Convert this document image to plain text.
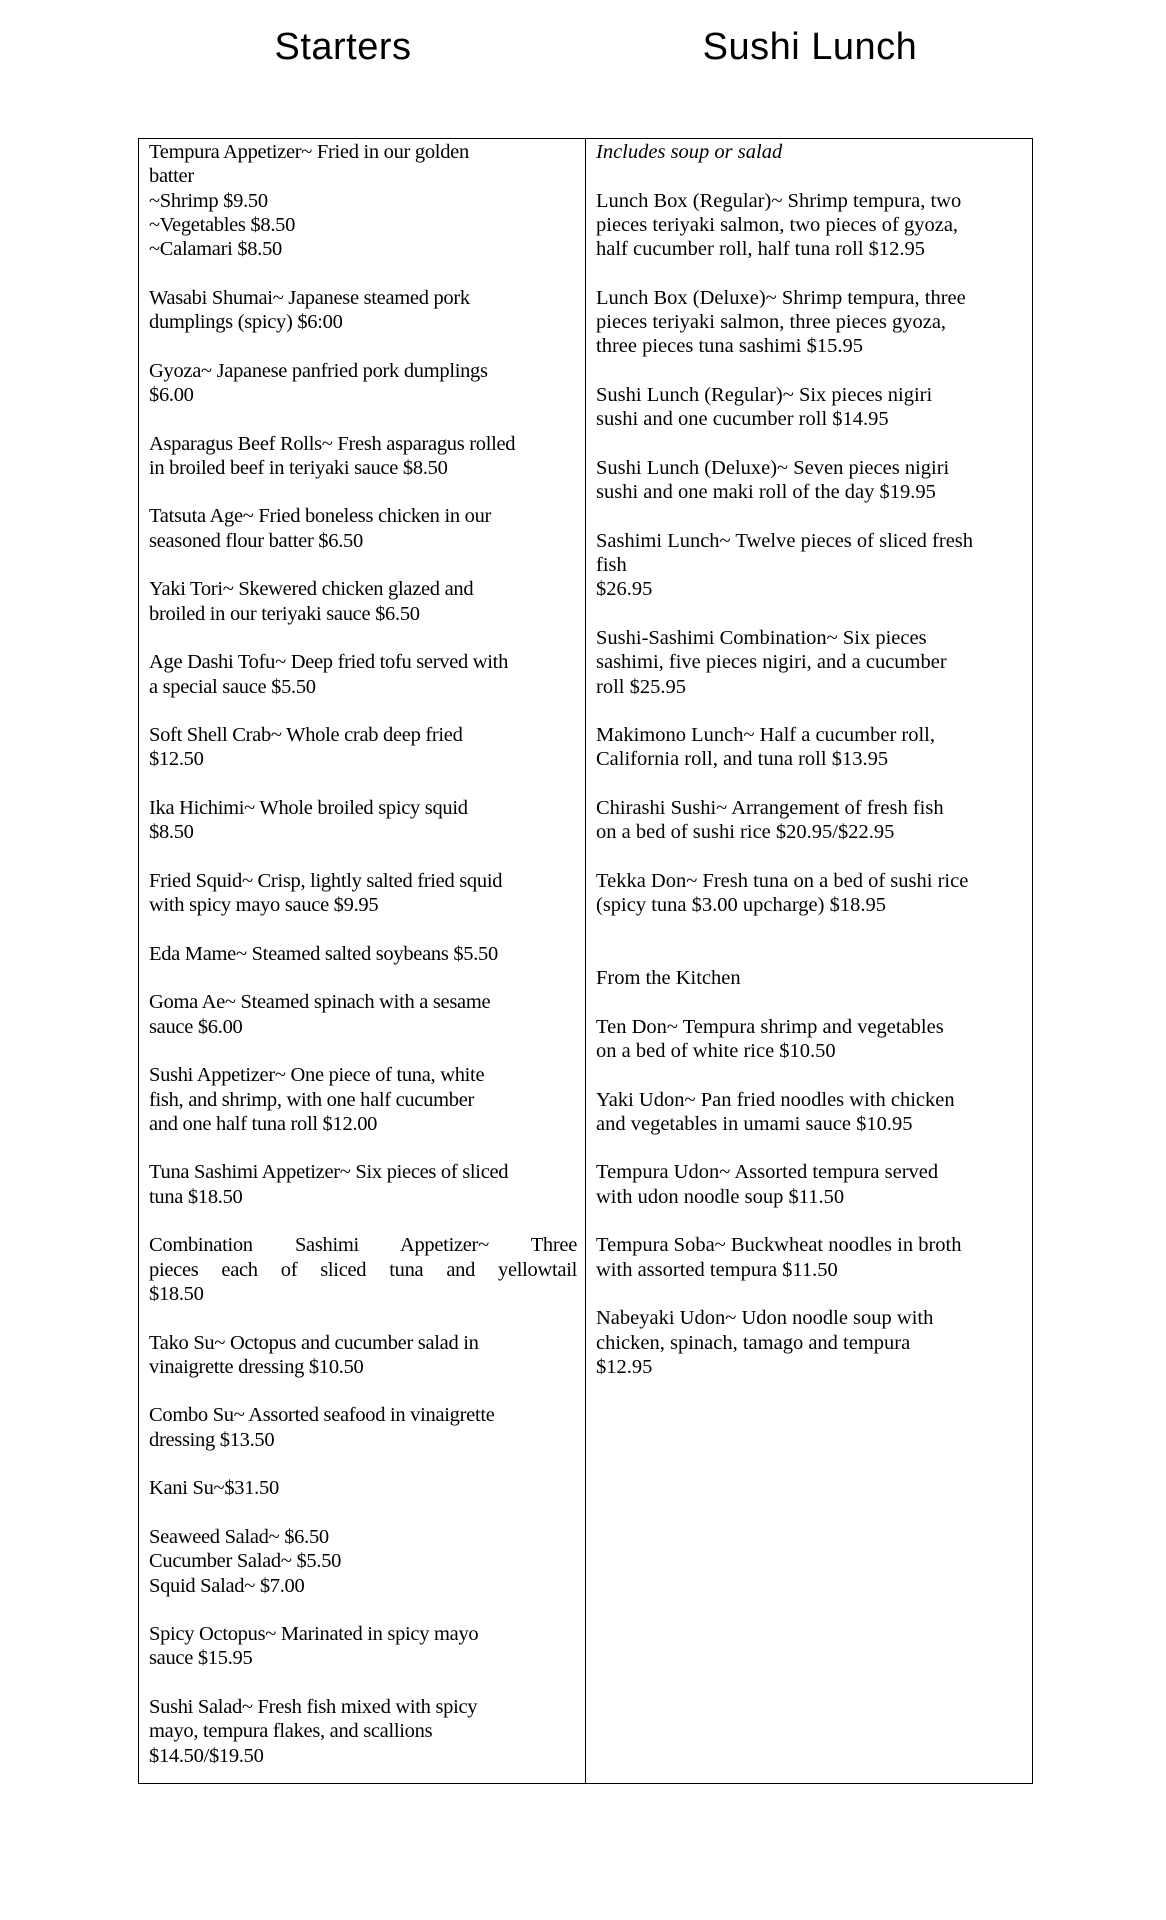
Starters	Sushi Lunch
Tempura Appetizer~ Fried in our golden
batter
~Shrimp $9.50
~Vegetables $8.50
~Calamari $8.50
Wasabi Shumai~ Japanese steamed pork
dumplings (spicy) $6:00
Gyoza~ Japanese panfried pork dumplings
$6.00
Asparagus Beef Rolls~ Fresh asparagus rolled
in broiled beef in teriyaki sauce $8.50
Tatsuta Age~ Fried boneless chicken in our
seasoned flour batter $6.50
Yaki Tori~ Skewered chicken glazed and
broiled in our teriyaki sauce $6.50
Age Dashi Tofu~ Deep fried tofu served with
a special sauce $5.50
Soft Shell Crab~ Whole crab deep fried
$12.50
Ika Hichimi~ Whole broiled spicy squid
$8.50
Fried Squid~ Crisp, lightly salted fried squid
with spicy mayo sauce $9.95
Eda Mame~ Steamed salted soybeans $5.50
Goma Ae~ Steamed spinach with a sesame
sauce $6.00
Sushi Appetizer~ One piece of tuna, white
fish, and shrimp, with one half cucumber
and one half tuna roll $12.00
Tuna Sashimi Appetizer~ Six pieces of sliced
tuna $18.50
Combination Sashimi Appetizer~ Three
pieces each of sliced tuna and yellowtail
$18.50
Tako Su~ Octopus and cucumber salad in
vinaigrette dressing $10.50
Combo Su~ Assorted seafood in vinaigrette
dressing $13.50
Kani Su~$31.50
Seaweed Salad~ $6.50
Cucumber Salad~ $5.50
Squid Salad~ $7.00
Spicy Octopus~ Marinated in spicy mayo
sauce $15.95
Sushi Salad~ Fresh fish mixed with spicy
mayo, tempura flakes, and scallions
$14.50/$19.50
Includes soup or salad
Lunch Box (Regular)~ Shrimp tempura, two
pieces teriyaki salmon, two pieces of gyoza,
half cucumber roll, half tuna roll $12.95
Lunch Box (Deluxe)~ Shrimp tempura, three
pieces teriyaki salmon, three pieces gyoza,
three pieces tuna sashimi $15.95
Sushi Lunch (Regular)~ Six pieces nigiri
sushi and one cucumber roll $14.95
Sushi Lunch (Deluxe)~ Seven pieces nigiri
sushi and one maki roll of the day $19.95
Sashimi Lunch~ Twelve pieces of sliced fresh
fish
$26.95
Sushi-Sashimi Combination~ Six pieces
sashimi, five pieces nigiri, and a cucumber
roll $25.95
Makimono Lunch~ Half a cucumber roll,
California roll, and tuna roll $13.95
Chirashi Sushi~ Arrangement of fresh fish
on a bed of sushi rice $20.95/$22.95
Tekka Don~ Fresh tuna on a bed of sushi rice
(spicy tuna $3.00 upcharge) $18.95
From the Kitchen
Ten Don~ Tempura shrimp and vegetables
on a bed of white rice $10.50
Yaki Udon~ Pan fried noodles with chicken
and vegetables in umami sauce $10.95
Tempura Udon~ Assorted tempura served
with udon noodle soup $11.50
Tempura Soba~ Buckwheat noodles in broth
with assorted tempura $11.50
Nabeyaki Udon~ Udon noodle soup with
chicken, spinach, tamago and tempura
$12.95
